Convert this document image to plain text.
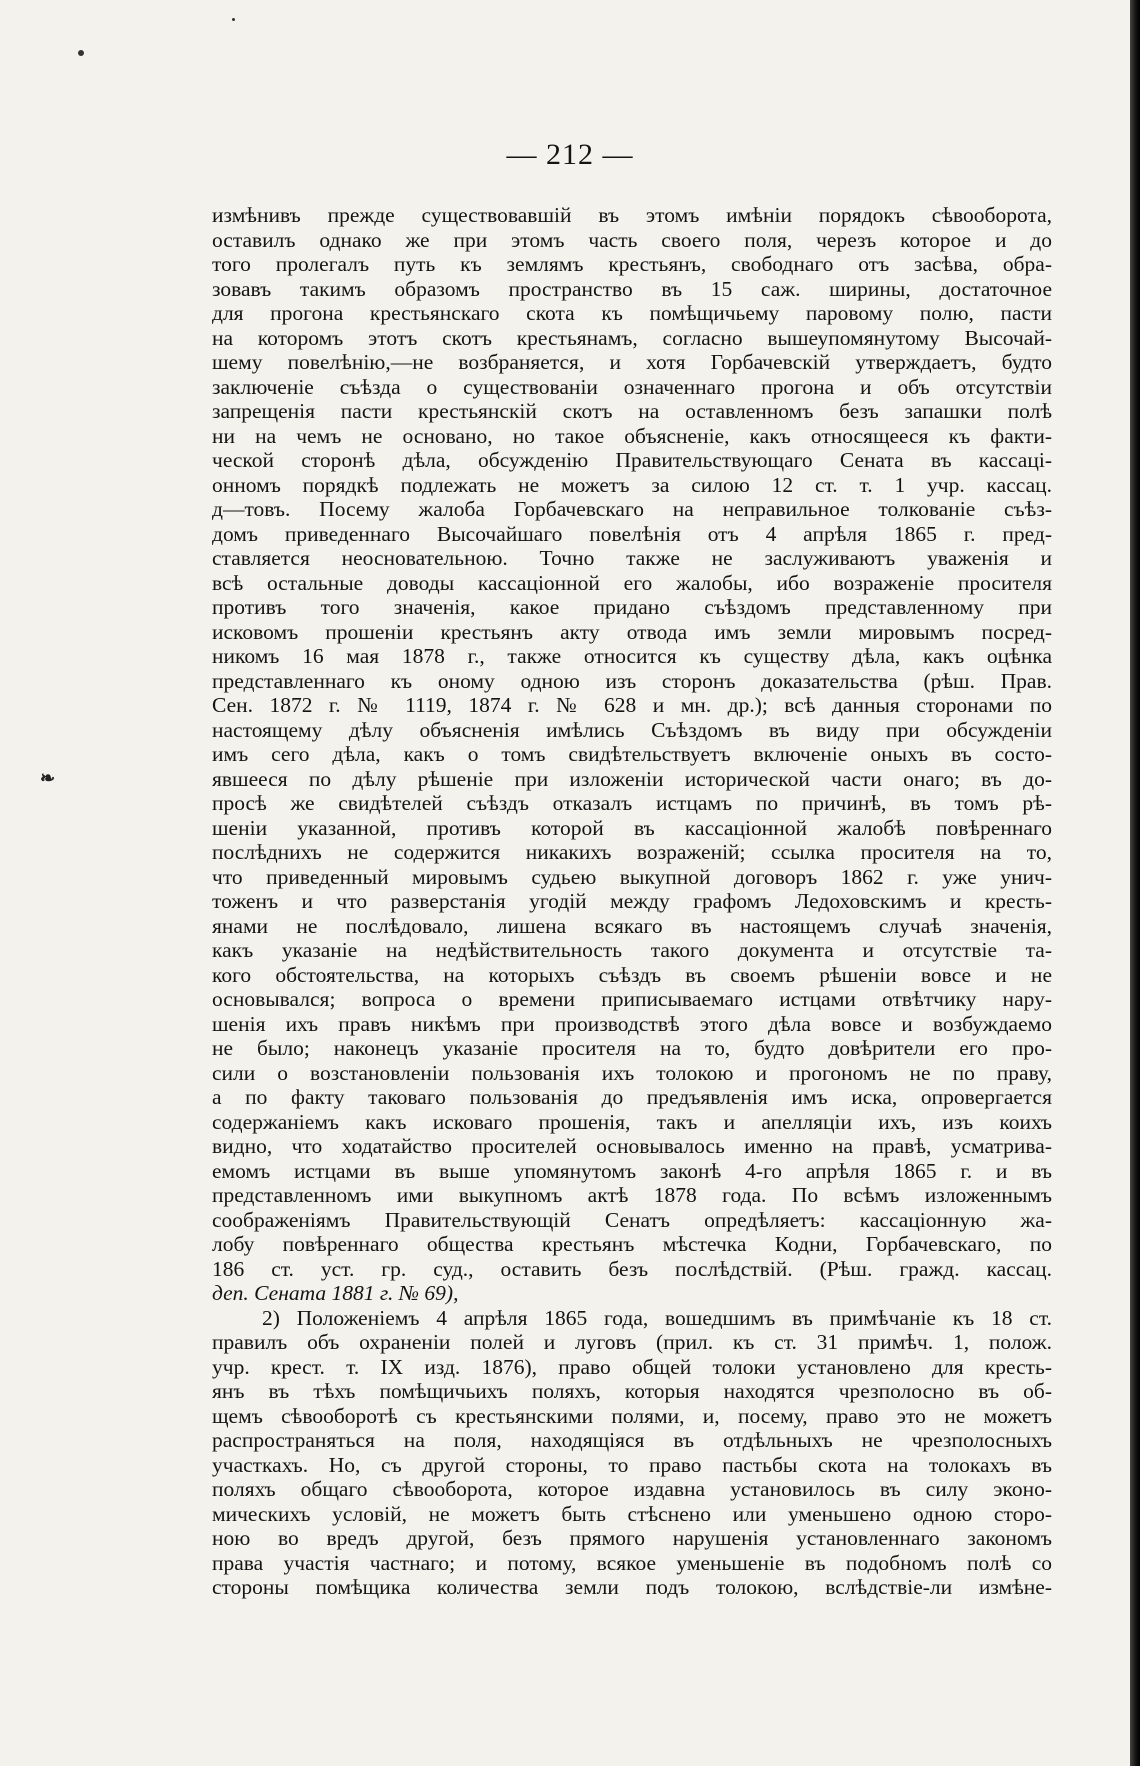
❧
— 212 —
измѣнивъ прежде существовавшій въ этомъ имѣніи порядокъ сѣвооборота,
оставилъ однако же при этомъ часть своего поля, черезъ которое и до
того пролегалъ путь къ землямъ крестьянъ, свободнаго отъ засѣва, обра-
зовавъ такимъ образомъ пространство въ 15 саж. ширины, достаточное
для прогона крестьянскаго скота къ помѣщичьему паровому полю, пасти
на которомъ этотъ скотъ крестьянамъ, согласно вышеупомянутому Высочай-
шему повелѣнію,—не возбраняется, и хотя Горбачевскій утверждаетъ, будто
заключеніе съѣзда о существованіи означеннаго прогона и объ отсутствіи
запрещенія пасти крестьянскій скотъ на оставленномъ безъ запашки полѣ
ни на чемъ не основано, но такое объясненіе, какъ относящееся къ факти-
ческой сторонѣ дѣла, обсужденію Правительствующаго Сената въ кассаці-
онномъ порядкѣ подлежать не можетъ за силою 12 ст. т. 1 учр. кассац.
д—товъ. Посему жалоба Горбачевскаго на неправильное толкованіе съѣз-
домъ приведеннаго Высочайшаго повелѣнія отъ 4 апрѣля 1865 г. пред-
ставляется неосновательною. Точно также не заслуживаютъ уваженія и
всѣ остальные доводы кассаціонной его жалобы, ибо возраженіе просителя
противъ того значенія, какое придано съѣздомъ представленному при
исковомъ прошеніи крестьянъ акту отвода имъ земли мировымъ посред-
никомъ 16 мая 1878 г., также относится къ существу дѣла, какъ оцѣнка
представленнаго къ оному одною изъ сторонъ доказательства (рѣш. Прав.
Сен. 1872 г. № 1119, 1874 г. № 628 и мн. др.); всѣ данныя сторонами по
настоящему дѣлу объясненія имѣлись Съѣздомъ въ виду при обсужденіи
имъ сего дѣла, какъ о томъ свидѣтельствуетъ включеніе оныхъ въ состо-
явшееся по дѣлу рѣшеніе при изложеніи исторической части онаго; въ до-
просѣ же свидѣтелей съѣздъ отказалъ истцамъ по причинѣ, въ томъ рѣ-
шеніи указанной, противъ которой въ кассаціонной жалобѣ повѣреннаго
послѣднихъ не содержится никакихъ возраженій; ссылка просителя на то,
что приведенный мировымъ судьею выкупной договоръ 1862 г. уже унич-
тоженъ и что разверстанія угодій между графомъ Ледоховскимъ и кресть-
янами не послѣдовало, лишена всякаго въ настоящемъ случаѣ значенія,
какъ указаніе на недѣйствительность такого документа и отсутствіе та-
кого обстоятельства, на которыхъ съѣздъ въ своемъ рѣшеніи вовсе и не
основывался; вопроса о времени приписываемаго истцами отвѣтчику нару-
шенія ихъ правъ никѣмъ при производствѣ этого дѣла вовсе и возбуждаемо
не было; наконецъ указаніе просителя на то, будто довѣрители его про-
сили о возстановленіи пользованія ихъ толокою и прогономъ не по праву,
а по факту таковаго пользованія до предъявленія имъ иска, опровергается
содержаніемъ какъ исковаго прошенія, такъ и апелляціи ихъ, изъ коихъ
видно, что ходатайство просителей основывалось именно на правѣ, усматрива-
емомъ истцами въ выше упомянутомъ законѣ 4-го апрѣля 1865 г. и въ
представленномъ ими выкупномъ актѣ 1878 года. По всѣмъ изложеннымъ
соображеніямъ Правительствующій Сенатъ опредѣляетъ: кассаціонную жа-
лобу повѣреннаго общества крестьянъ мѣстечка Кодни, Горбачевскаго, по
186 ст. уст. гр. суд., оставить безъ послѣдствій. (Рѣш. гражд. кассац.
деп. Сената 1881 г. № 69),
2) Положеніемъ 4 апрѣля 1865 года, вошедшимъ въ примѣчаніе къ 18 ст.
правилъ объ охраненіи полей и луговъ (прил. къ ст. 31 примѣч. 1, полож.
учр. крест. т. IX изд. 1876), право общей толоки установлено для кресть-
янъ въ тѣхъ помѣщичьихъ поляхъ, которыя находятся чрезполосно въ об-
щемъ сѣвооборотѣ съ крестьянскими полями, и, посему, право это не можетъ
распространяться на поля, находящіяся въ отдѣльныхъ не чрезполосныхъ
участкахъ. Но, съ другой стороны, то право пастьбы скота на толокахъ въ
поляхъ общаго сѣвооборота, которое издавна установилось въ силу эконо-
мическихъ условій, не можетъ быть стѣснено или уменьшено одною сторо-
ною во вредъ другой, безъ прямого нарушенія установленнаго закономъ
права участія частнаго; и потому, всякое уменьшеніе въ подобномъ полѣ со
стороны помѣщика количества земли подъ толокою, вслѣдствіе-ли измѣне-
